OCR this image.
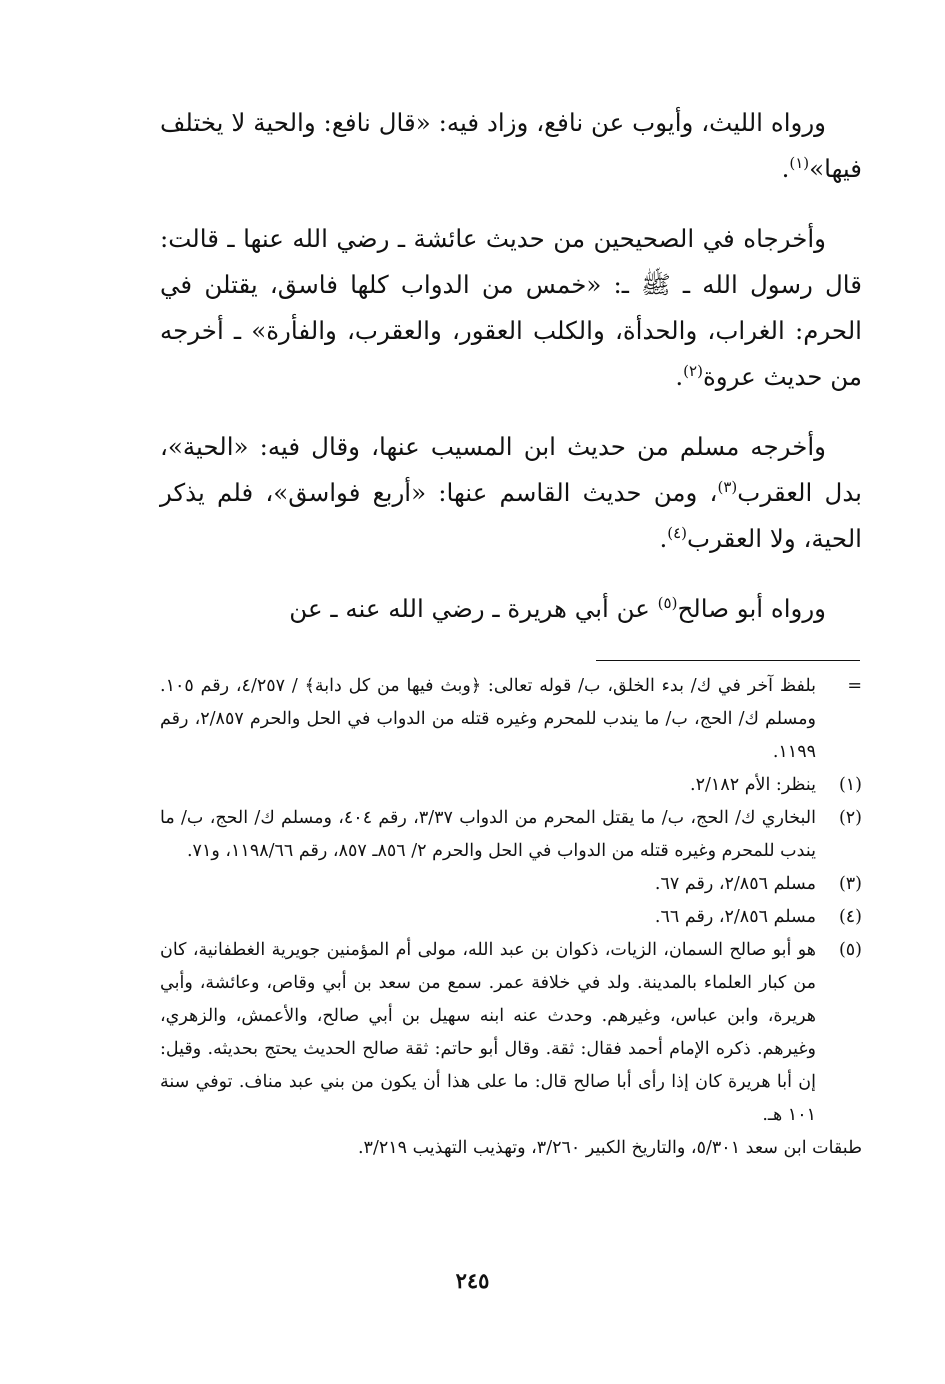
ورواه الليث، وأيوب عن نافع، وزاد فيه: «قال نافع: والحية لا يختلف فيها»$^{(١)}$.

وأخرجاه في الصحيحين من حديث عائشة ـ رضي الله عنها ـ قالت: قال رسول الله ـ ﷺ ـ: «خمس من الدواب كلها فاسق، يقتلن في الحرم: الغراب، والحدأة، والكلب العقور، والعقرب، والفأرة» ـ أخرجه من حديث عروة$^{(٢)}$.

وأخرجه مسلم من حديث ابن المسيب عنها، وقال فيه: «الحية»، بدل العقرب$^{(٣)}$، ومن حديث القاسم عنها: «أربع فواسق»، فلم يذكر الحية، ولا العقرب$^{(٤)}$.

ورواه أبو صالح$^{(٥)}$ عن أبي هريرة ـ رضي الله عنه ـ عن

=
بلفظ آخر في ك/ بدء الخلق، ب/ قوله تعالى: ﴿وبث فيها من كل دابة﴾ / ٤/٢٥٧، رقم ١٠٥. ومسلم ك/ الحج، ب/ ما يندب للمحرم وغيره قتله من الدواب في الحل والحرم ٢/٨٥٧، رقم ١١٩٩.
(١)
ينظر: الأم ٢/١٨٢.
(٢)
البخاري ك/ الحج، ب/ ما يقتل المحرم من الدواب ٣/٣٧، رقم ٤٠٤، ومسلم ك/ الحج، ب/ ما يندب للمحرم وغيره قتله من الدواب في الحل والحرم ٢/ ٨٥٦ـ ٨٥٧، رقم ١١٩٨/٦٦، و٧١.
(٣)
مسلم ٢/٨٥٦، رقم ٦٧.
(٤)
مسلم ٢/٨٥٦، رقم ٦٦.
(٥)
هو أبو صالح السمان، الزيات، ذكوان بن عبد الله، مولى أم المؤمنين جويرية الغطفانية، كان من كبار العلماء بالمدينة. ولد في خلافة عمر. سمع من سعد بن أبي وقاص، وعائشة، وأبي هريرة، وابن عباس، وغيرهم. وحدث عنه ابنه سهيل بن أبي صالح، والأعمش، والزهري، وغيرهم. ذكره الإمام أحمد فقال: ثقة. وقال أبو حاتم: ثقة صالح الحديث يحتج بحديثه. وقيل: إن أبا هريرة كان إذا رأى أبا صالح قال: ما على هذا أن يكون من بني عبد مناف. توفي سنة ١٠١ هـ.
طبقات ابن سعد ٥/٣٠١، والتاريخ الكبير ٣/٢٦٠، وتهذيب التهذيب ٣/٢١٩.
٢٤٥
